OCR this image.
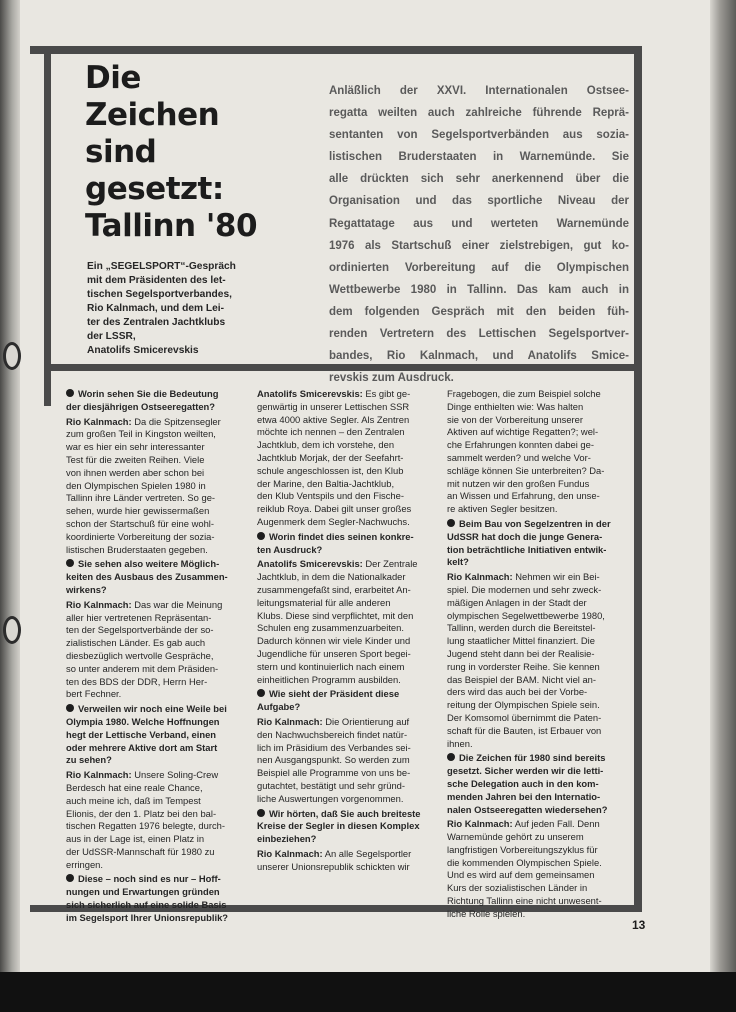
Die
Zeichen
sind
gesetzt:
Tallinn '80
Ein „SEGELSPORT“-Gespräch
mit dem Präsidenten des let-
tischen Segelsportverbandes,
Rio Kalnmach, und dem Lei-
ter des Zentralen Jachtklubs
der LSSR,
Anatolifs Smicerevskis
Anläßlich der XXVI. Internationalen Ostsee-
regatta weilten auch zahlreiche führende Reprä-
sentanten von Segelsportverbänden aus sozia-
listischen Bruderstaaten in Warnemünde. Sie
alle drückten sich sehr anerkennend über die
Organisation und das sportliche Niveau der
Regattatage aus und werteten Warnemünde
1976 als Startschuß einer zielstrebigen, gut ko-
ordinierten Vorbereitung auf die Olympischen
Wettbewerbe 1980 in Tallinn. Das kam auch in
dem folgenden Gespräch mit den beiden füh-
renden Vertretern des Lettischen Segelsportver-
bandes, Rio Kalnmach, und Anatolifs Smice-
revskis zum Ausdruck.
Worin sehen Sie die Bedeutung
der diesjährigen Ostseeregatten?
Rio Kalnmach: Da die Spitzensegler
zum großen Teil in Kingston weilten,
war es hier ein sehr interessanter
Test für die zweiten Reihen. Viele
von ihnen werden aber schon bei
den Olympischen Spielen 1980 in
Tallinn ihre Länder vertreten. So ge-
sehen, wurde hier gewissermaßen
schon der Startschuß für eine wohl-
koordinierte Vorbereitung der sozia-
listischen Bruderstaaten gegeben.
Sie sehen also weitere Möglich-
keiten des Ausbaus des Zusammen-
wirkens?
Rio Kalnmach: Das war die Meinung
aller hier vertretenen Repräsentan-
ten der Segelsportverbände der so-
zialistischen Länder. Es gab auch
diesbezüglich wertvolle Gespräche,
so unter anderem mit dem Präsiden-
ten des BDS der DDR, Herrn Her-
bert Fechner.
Verweilen wir noch eine Weile bei
Olympia 1980. Welche Hoffnungen
hegt der Lettische Verband, einen
oder mehrere Aktive dort am Start
zu sehen?
Rio Kalnmach: Unsere Soling-Crew
Berdesch hat eine reale Chance,
auch meine ich, daß im Tempest
Elionis, der den 1. Platz bei den bal-
tischen Regatten 1976 belegte, durch-
aus in der Lage ist, einen Platz in
der UdSSR-Mannschaft für 1980 zu
erringen.
Diese – noch sind es nur – Hoff-
nungen und Erwartungen gründen
sich sicherlich auf eine solide Basis
im Segelsport Ihrer Unionsrepublik?
Anatolifs Smicerevskis: Es gibt ge-
genwärtig in unserer Lettischen SSR
etwa 4000 aktive Segler. Als Zentren
möchte ich nennen – den Zentralen
Jachtklub, dem ich vorstehe, den
Jachtklub Morjak, der der Seefahrt-
schule angeschlossen ist, den Klub
der Marine, den Baltia-Jachtklub,
den Klub Ventspils und den Fische-
reiklub Roya. Dabei gilt unser großes
Augenmerk dem Segler-Nachwuchs.
Worin findet dies seinen konkre-
ten Ausdruck?
Anatolifs Smicerevskis: Der Zentrale
Jachtklub, in dem die Nationalkader
zusammengefaßt sind, erarbeitet An-
leitungsmaterial für alle anderen
Klubs. Diese sind verpflichtet, mit den
Schulen eng zusammenzuarbeiten.
Dadurch können wir viele Kinder und
Jugendliche für unseren Sport begei-
stern und kontinuierlich nach einem
einheitlichen Programm ausbilden.
Wie sieht der Präsident diese
Aufgabe?
Rio Kalnmach: Die Orientierung auf
den Nachwuchsbereich findet natür-
lich im Präsidium des Verbandes sei-
nen Ausgangspunkt. So werden zum
Beispiel alle Programme von uns be-
gutachtet, bestätigt und sehr gründ-
liche Auswertungen vorgenommen.
Wir hörten, daß Sie auch breiteste
Kreise der Segler in diesen Komplex
einbeziehen?
Rio Kalnmach: An alle Segelsportler
unserer Unionsrepublik schickten wir
Fragebogen, die zum Beispiel solche
Dinge enthielten wie: Was halten
sie von der Vorbereitung unserer
Aktiven auf wichtige Regatten?; wel-
che Erfahrungen konnten dabei ge-
sammelt werden? und welche Vor-
schläge können Sie unterbreiten? Da-
mit nutzen wir den großen Fundus
an Wissen und Erfahrung, den unse-
re aktiven Segler besitzen.
Beim Bau von Segelzentren in der
UdSSR hat doch die junge Genera-
tion beträchtliche Initiativen entwik-
kelt?
Rio Kalnmach: Nehmen wir ein Bei-
spiel. Die modernen und sehr zweck-
mäßigen Anlagen in der Stadt der
olympischen Segelwettbewerbe 1980,
Tallinn, werden durch die Bereitstel-
lung staatlicher Mittel finanziert. Die
Jugend steht dann bei der Realisie-
rung in vorderster Reihe. Sie kennen
das Beispiel der BAM. Nicht viel an-
ders wird das auch bei der Vorbe-
reitung der Olympischen Spiele sein.
Der Komsomol übernimmt die Paten-
schaft für die Bauten, ist Erbauer von
ihnen.
Die Zeichen für 1980 sind bereits
gesetzt. Sicher werden wir die letti-
sche Delegation auch in den kom-
menden Jahren bei den Internatio-
nalen Ostseeregatten wiedersehen?
Rio Kalnmach: Auf jeden Fall. Denn
Warnemünde gehört zu unserem
langfristigen Vorbereitungszyklus für
die kommenden Olympischen Spiele.
Und es wird auf dem gemeinsamen
Kurs der sozialistischen Länder in
Richtung Tallinn eine nicht unwesent-
liche Rolle spielen.
13
